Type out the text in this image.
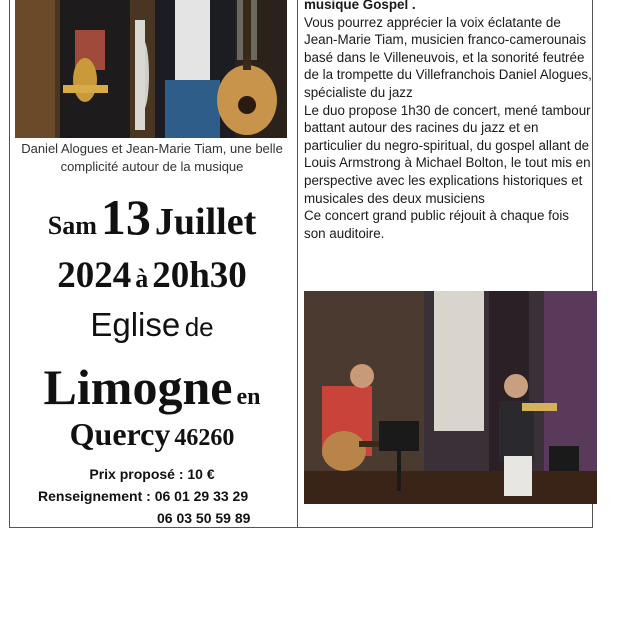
Daniel Alogues et Jean-Marie Tiam, une belle complicité autour de la musique
Sam 13 Juillet
2024 à 20h30
Eglise de
Limogne en
Quercy 46260
Prix proposé : 10 €
Renseignement : 06 01 29 33 29
06 03 50 59 89

musique Gospel .

Vous pourrez apprécier la voix éclatante de Jean-Marie Tiam, musicien franco-camerounais basé dans le Villeneuvois, et la sonorité feutrée de la trompette du Villefranchois Daniel Alogues, spécialiste du jazz

Le duo propose 1h30 de concert, mené tambour battant autour des racines du jazz et en particulier du negro-spiritual, du gospel allant de Louis Armstrong à Michael Bolton, le tout mis en perspective avec les explications historiques et musicales des deux musiciens

Ce concert grand public réjouit à chaque fois son auditoire.
